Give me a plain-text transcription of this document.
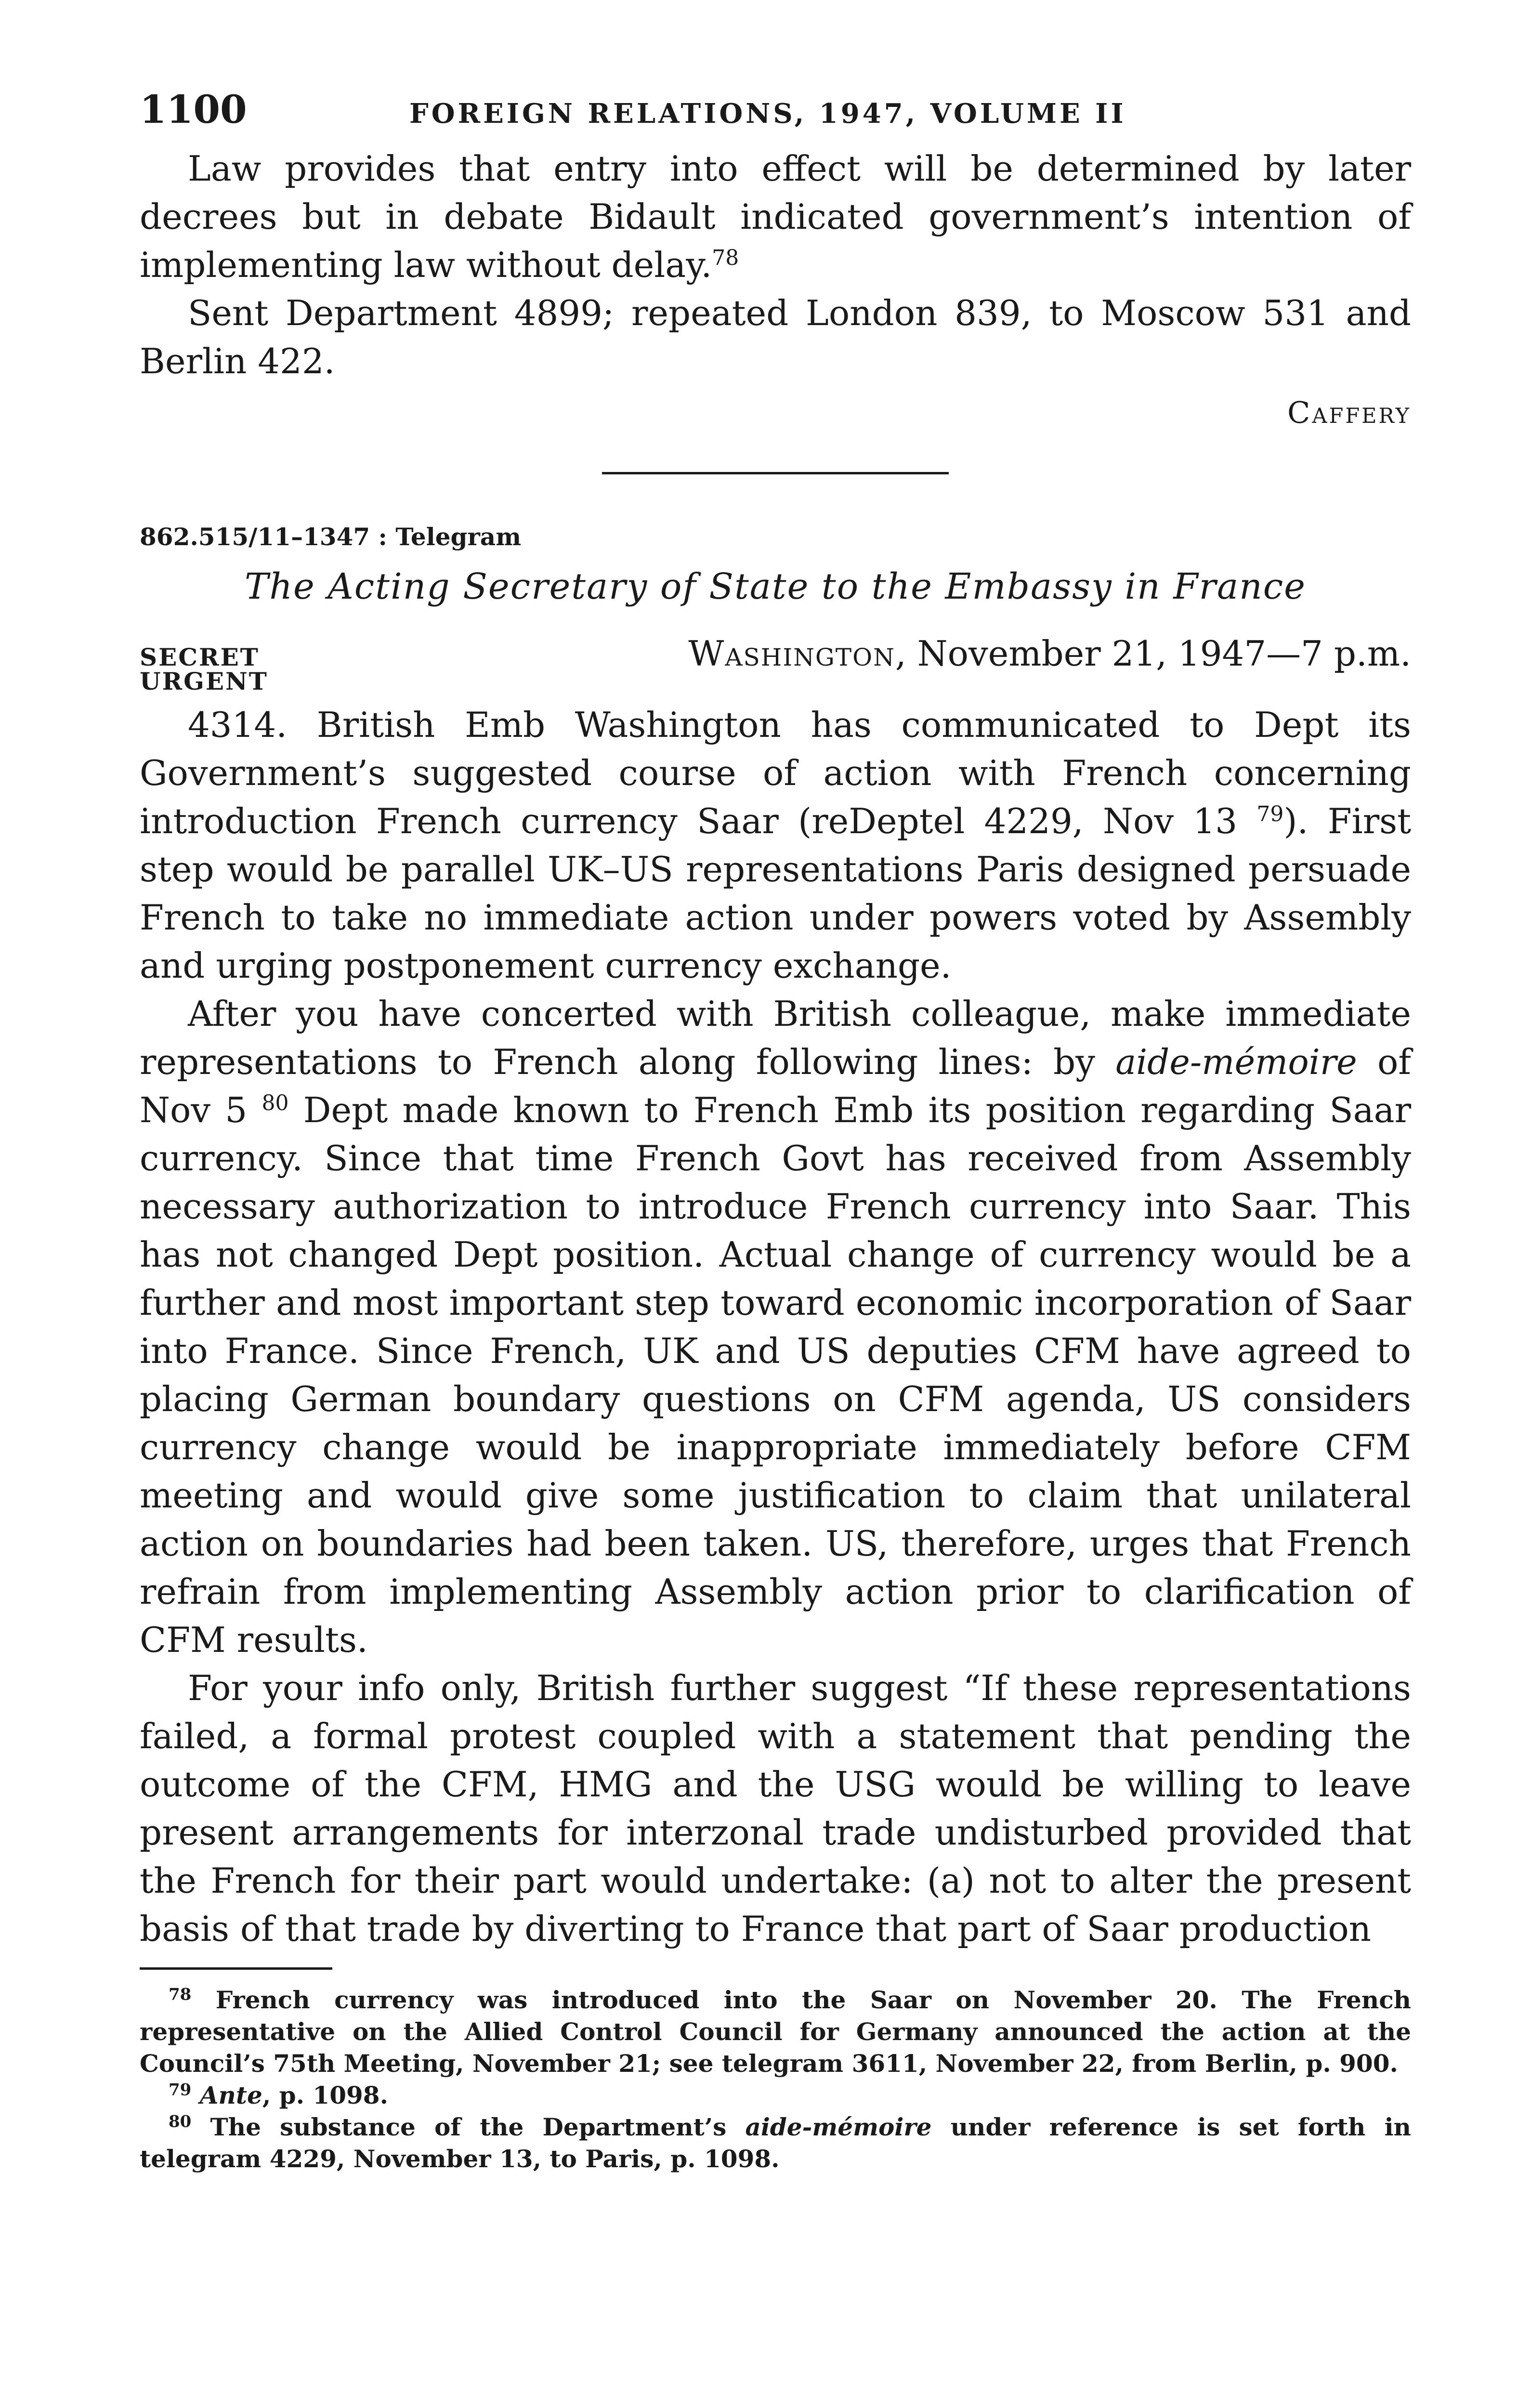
1100	FOREIGN RELATIONS, 1947, VOLUME II

Law provides that entry into effect will be determined by later decrees but in debate Bidault indicated government’s intention of implementing law without delay.$^{78}$

Sent Department 4899; repeated London 839, to Moscow 531 and Berlin 422.

Caffery
862.515/11–1347 : Telegram
The Acting Secretary of State to the Embassy in France
SECRET	Washington, November 21, 1947—7 p.m.
URGENT

4314. British Emb Washington has communicated to Dept its Government’s suggested course of action with French concerning introduction French currency Saar (reDeptel 4229, Nov 13 $^{79}$). First step would be parallel UK–US representations Paris designed persuade French to take no immediate action under powers voted by Assembly and urging postponement currency exchange.

After you have concerted with British colleague, make immediate representations to French along following lines: by aide-mémoire of Nov 5 $^{80}$ Dept made known to French Emb its position regarding Saar currency. Since that time French Govt has received from Assembly necessary authorization to introduce French currency into Saar. This has not changed Dept position. Actual change of currency would be a further and most important step toward economic incorporation of Saar into France. Since French, UK and US deputies CFM have agreed to placing German boundary questions on CFM agenda, US considers currency change would be inappropriate immediately before CFM meeting and would give some justification to claim that unilateral action on boundaries had been taken. US, therefore, urges that French refrain from implementing Assembly action prior to clarification of CFM results.

For your info only, British further suggest “If these representations failed, a formal protest coupled with a statement that pending the outcome of the CFM, HMG and the USG would be willing to leave present arrangements for interzonal trade undisturbed provided that the French for their part would undertake: (a) not to alter the present basis of that trade by diverting to France that part of Saar production

$^{78}$ French currency was introduced into the Saar on November 20. The French representative on the Allied Control Council for Germany announced the action at the Council’s 75th Meeting, November 21; see telegram 3611, November 22, from Berlin, p. 900.

$^{79}$ Ante, p. 1098.

$^{80}$ The substance of the Department’s aide-mémoire under reference is set forth in telegram 4229, November 13, to Paris, p. 1098.
